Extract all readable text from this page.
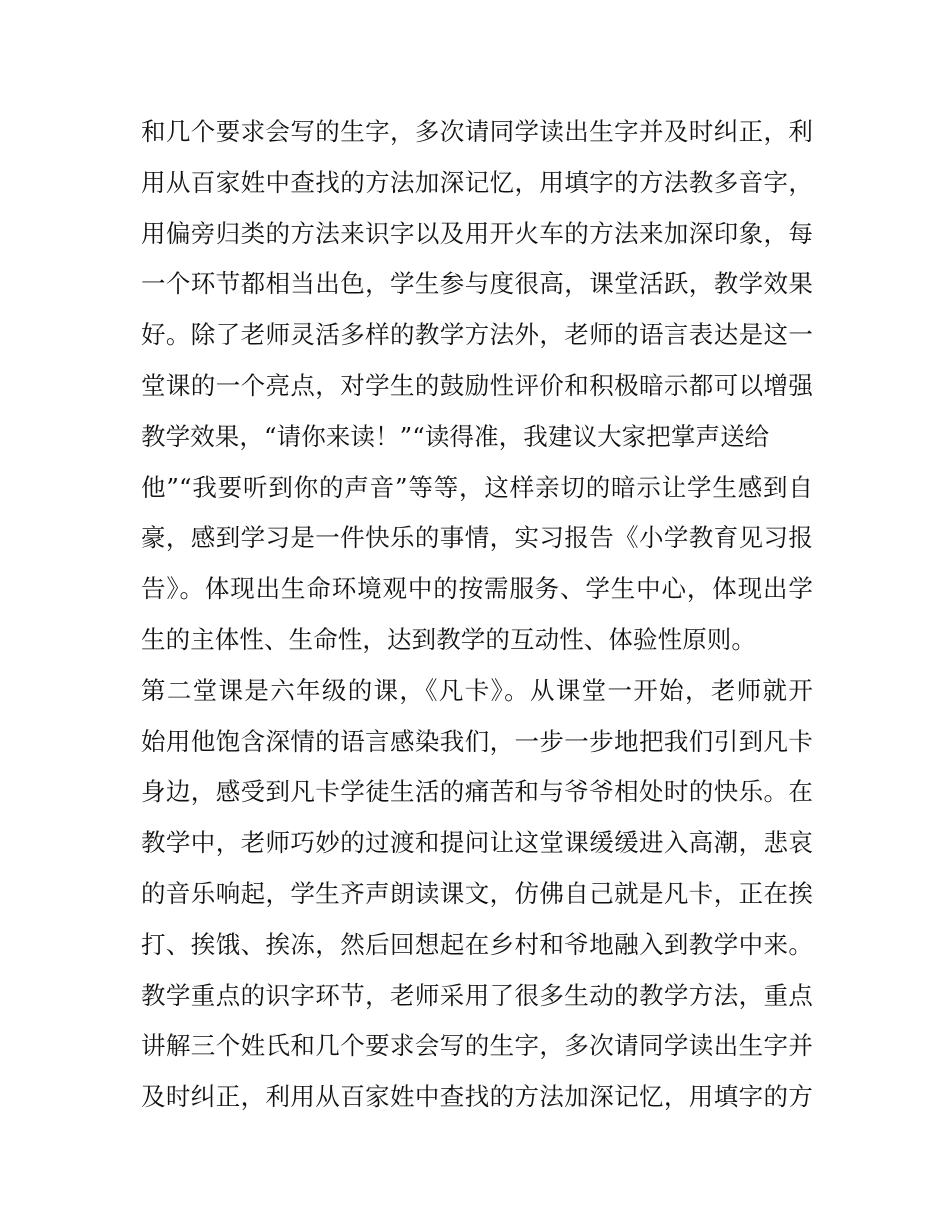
和几个要求会写的生字，多次请同学读出生字并及时纠正，利
用从百家姓中查找的方法加深记忆，用填字的方法教多音字，
用偏旁归类的方法来识字以及用开火车的方法来加深印象，每
一个环节都相当出色，学生参与度很高，课堂活跃，教学效果
好。除了老师灵活多样的教学方法外，老师的语言表达是这一
堂课的一个亮点，对学生的鼓励性评价和积极暗示都可以增强
教学效果，“请你来读！”“读得准，我建议大家把掌声送给
他”“我要听到你的声音”等等，这样亲切的暗示让学生感到自
豪，感到学习是一件快乐的事情，实习报告《小学教育见习报
告》。体现出生命环境观中的按需服务、学生中心，体现出学
生的主体性、生命性，达到教学的互动性、体验性原则。
第二堂课是六年级的课，《凡卡》。从课堂一开始，老师就开
始用他饱含深情的语言感染我们，一步一步地把我们引到凡卡
身边，感受到凡卡学徒生活的痛苦和与爷爷相处时的快乐。在
教学中，老师巧妙的过渡和提问让这堂课缓缓进入高潮，悲哀
的音乐响起，学生齐声朗读课文，仿佛自己就是凡卡，正在挨
打、挨饿、挨冻，然后回想起在乡村和爷地融入到教学中来。
教学重点的识字环节，老师采用了很多生动的教学方法，重点
讲解三个姓氏和几个要求会写的生字，多次请同学读出生字并
及时纠正，利用从百家姓中查找的方法加深记忆，用填字的方
